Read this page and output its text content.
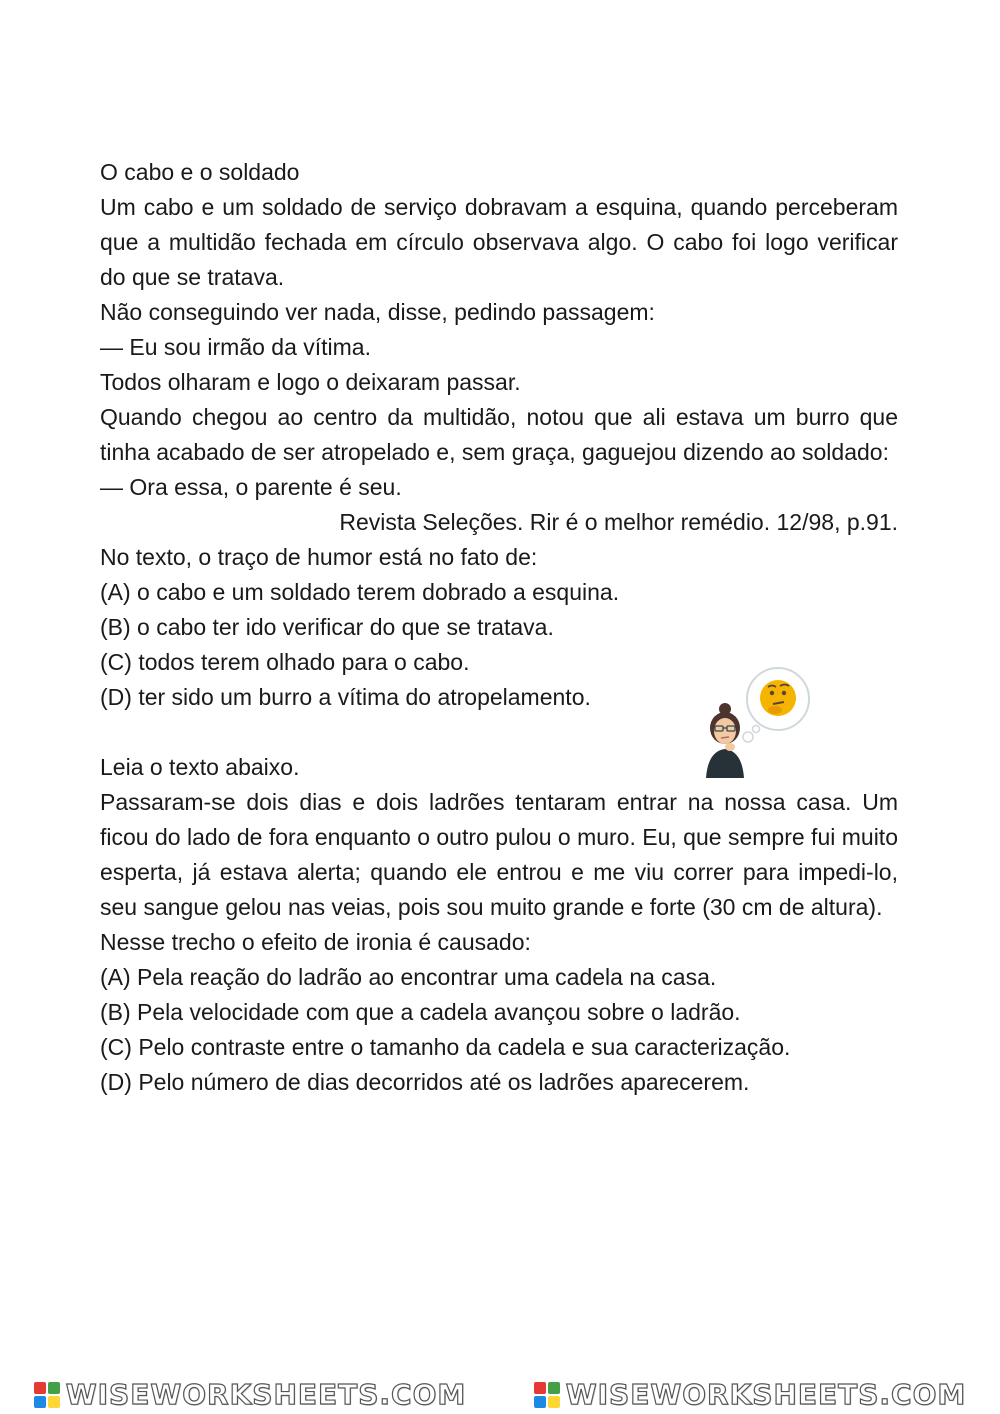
O cabo e o soldado

Um cabo e um soldado de serviço dobravam a esquina, quando perceberam que a multidão fechada em círculo observava algo. O cabo foi logo verificar do que se tratava.

Não conseguindo ver nada, disse, pedindo passagem:

— Eu sou irmão da vítima.

Todos olharam e logo o deixaram passar.

Quando chegou ao centro da multidão, notou que ali estava um burro que tinha acabado de ser atropelado e, sem graça, gaguejou dizendo ao soldado:

— Ora essa, o parente é seu.

Revista Seleções. Rir é o melhor remédio. 12/98, p.91.

No texto, o traço de humor está no fato de:

(A) o cabo e um soldado terem dobrado a esquina.

(B) o cabo ter ido verificar do que se tratava.

(C) todos terem olhado para o cabo.

(D) ter sido um burro a vítima do atropelamento.

Leia o texto abaixo.

Passaram-se dois dias e dois ladrões tentaram entrar na nossa casa. Um ficou do lado de fora enquanto o outro pulou o muro. Eu, que sempre fui muito esperta, já estava alerta; quando ele entrou e me viu correr para impedi-lo, seu sangue gelou nas veias, pois sou muito grande e forte (30 cm de altura).

Nesse trecho o efeito de ironia é causado:

(A) Pela reação do ladrão ao encontrar uma cadela na casa.

(B) Pela velocidade com que a cadela avançou sobre o ladrão.

(C) Pelo contraste entre o tamanho da cadela e sua caracterização.

(D) Pelo número de dias decorridos até os ladrões aparecerem.

WISEWORKSHEETS.COM	WISEWORKSHEETS.COM
